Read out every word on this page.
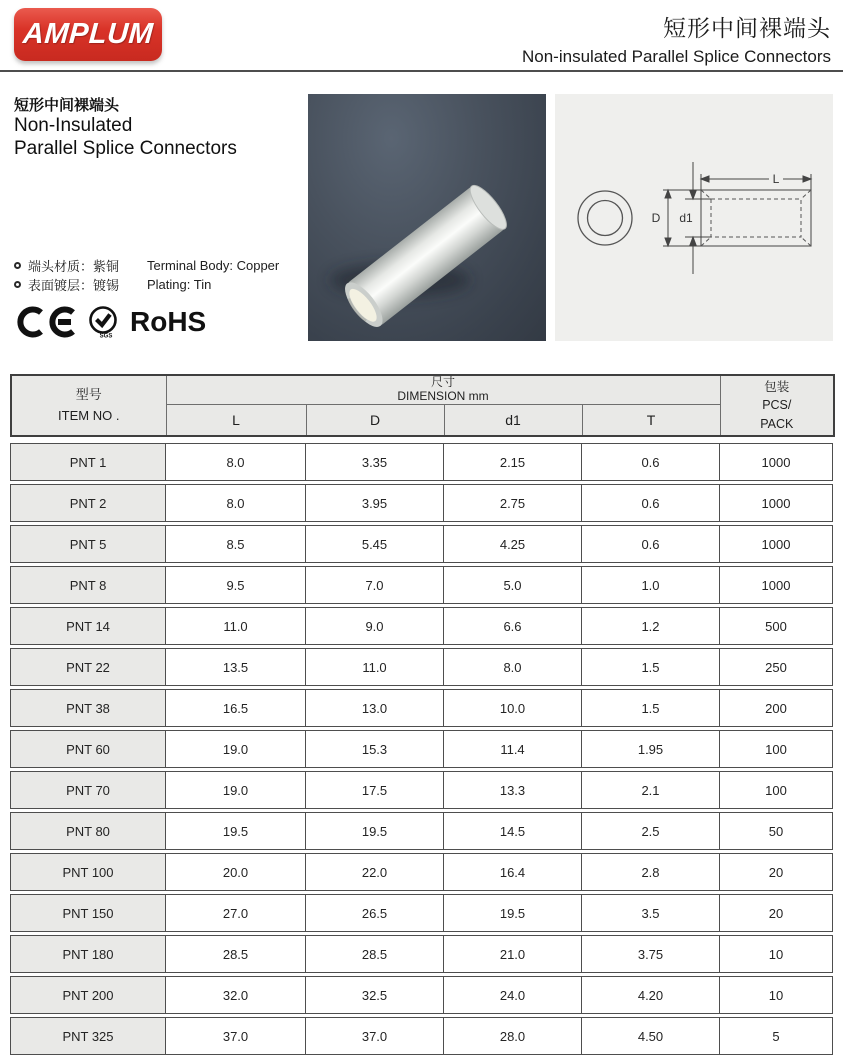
AMPLUM	短形中间裸端头
Non-insulated Parallel Splice Connectors
短形中间裸端头
Non-Insulated
Parallel Splice Connectors
端头材质：紫铜	Terminal Body: Copper
表面镀层：镀锡	Plating: Tin
SGS RoHS
L
D d1
型号
ITEM NO .

尺寸
DIMENSION mm

包装
PCS/
PACK

	L	D	d1	T	
PNT 1	8.0	3.35	2.15	0.6	1000
PNT 2	8.0	3.95	2.75	0.6	1000
PNT 5	8.5	5.45	4.25	0.6	1000
PNT 8	9.5	7.0	5.0	1.0	1000
PNT 14	11.0	9.0	6.6	1.2	500
PNT 22	13.5	11.0	8.0	1.5	250
PNT 38	16.5	13.0	10.0	1.5	200
PNT 60	19.0	15.3	11.4	1.95	100
PNT 70	19.0	17.5	13.3	2.1	100
PNT 80	19.5	19.5	14.5	2.5	50
PNT 100	20.0	22.0	16.4	2.8	20
PNT 150	27.0	26.5	19.5	3.5	20
PNT 180	28.5	28.5	21.0	3.75	10
PNT 200	32.0	32.5	24.0	4.20	10
PNT 325	37.0	37.0	28.0	4.50	5
